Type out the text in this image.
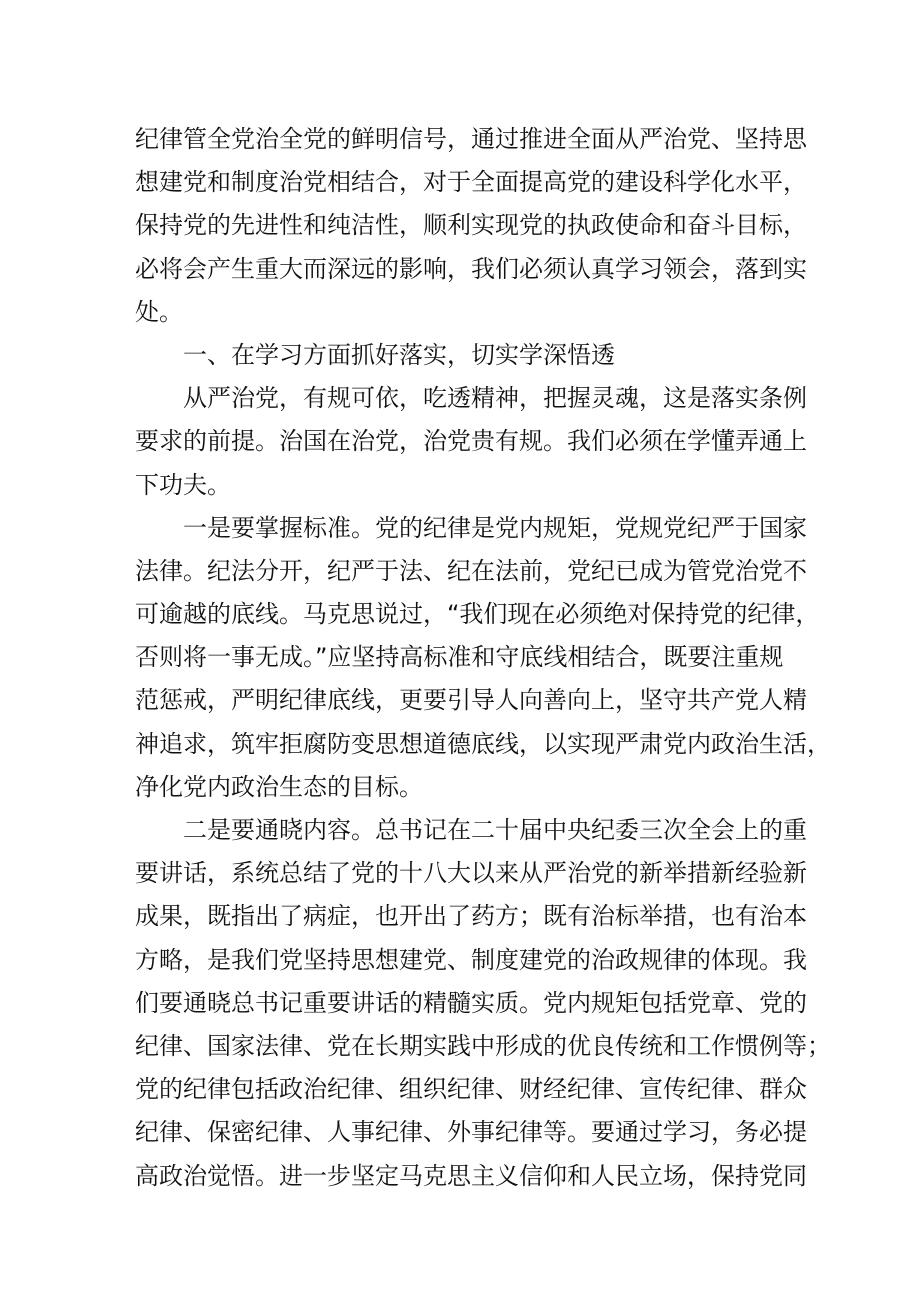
纪律管全党治全党的鲜明信号，通过推进全面从严治党、坚持思
想建党和制度治党相结合，对于全面提高党的建设科学化水平，
保持党的先进性和纯洁性，顺利实现党的执政使命和奋斗目标，
必将会产生重大而深远的影响，我们必须认真学习领会，落到实
处。
一、在学习方面抓好落实，切实学深悟透
从严治党，有规可依，吃透精神，把握灵魂，这是落实条例
要求的前提。治国在治党，治党贵有规。我们必须在学懂弄通上
下功夫。
一是要掌握标准。党的纪律是党内规矩，党规党纪严于国家
法律。纪法分开，纪严于法、纪在法前，党纪已成为管党治党不
可逾越的底线。马克思说过，“我们现在必须绝对保持党的纪律，
否则将一事无成。”应坚持高标准和守底线相结合，既要注重规
范惩戒，严明纪律底线，更要引导人向善向上，坚守共产党人精
神追求，筑牢拒腐防变思想道德底线，以实现严肃党内政治生活，
净化党内政治生态的目标。
二是要通晓内容。总书记在二十届中央纪委三次全会上的重
要讲话，系统总结了党的十八大以来从严治党的新举措新经验新
成果，既指出了病症，也开出了药方；既有治标举措，也有治本
方略，是我们党坚持思想建党、制度建党的治政规律的体现。我
们要通晓总书记重要讲话的精髓实质。党内规矩包括党章、党的
纪律、国家法律、党在长期实践中形成的优良传统和工作惯例等；
党的纪律包括政治纪律、组织纪律、财经纪律、宣传纪律、群众
纪律、保密纪律、人事纪律、外事纪律等。要通过学习，务必提
高政治觉悟。进一步坚定马克思主义信仰和人民立场，保持党同
